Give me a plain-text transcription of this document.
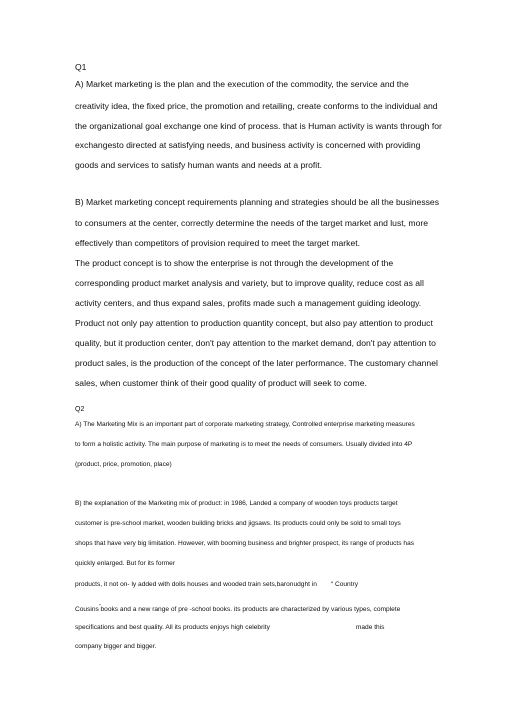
Q1
A) Market marketing is the plan and the execution of the commodity, the service and the
creativity idea, the fixed price, the promotion and retailing, create conforms to the individual and
the organizational goal exchange one kind of process. that is Human activity is wants through for
exchangesto directed at satisfying needs, and business activity is concerned with providing
goods and services to satisfy human wants and needs at a profit.
B) Market marketing concept requirements planning and strategies should be all the businesses
to consumers at the center, correctly determine the needs of the target market and lust, more
effectively than competitors of provision required to meet the target market.
The product concept is to show the enterprise is not through the development of the
corresponding product market analysis and variety, but to improve quality, reduce cost as all
activity centers, and thus expand sales, profits made such a management guiding ideology.
Product not only pay attention to production quantity concept, but also pay attention to product
quality, but it production center, don't pay attention to the market demand, don't pay attention to
product sales, is the production of the concept of the later performance. The customary channel
sales, when customer think of their good quality of product will seek to come.
Q2
A) The Marketing Mix is an important part of corporate marketing strategy, Controlled enterprise marketing measures
to form a holistic activity. The main purpose of marketing is to meet the needs of consumers. Usually divided into 4P
(product, price, promotion, place)
B) the explanation of the Marketing mix of product: in 1986, Landed a company of wooden toys products target
customer is pre-school market, wooden building bricks and jigsaws. Its products could only be sold to small toys
shops that have very big limitation. However, with booming business and brighter prospect, its range of products has
quickly enlarged. But for its former
products, it not on- ly added with dolls houses and wooded train sets,baronudght in “ Country
Cousins”books and a new range of pre -school books. its products are characterized by various types, complete
specifications and best quality. All its products enjoys high celebrity	made this
company bigger and bigger.
